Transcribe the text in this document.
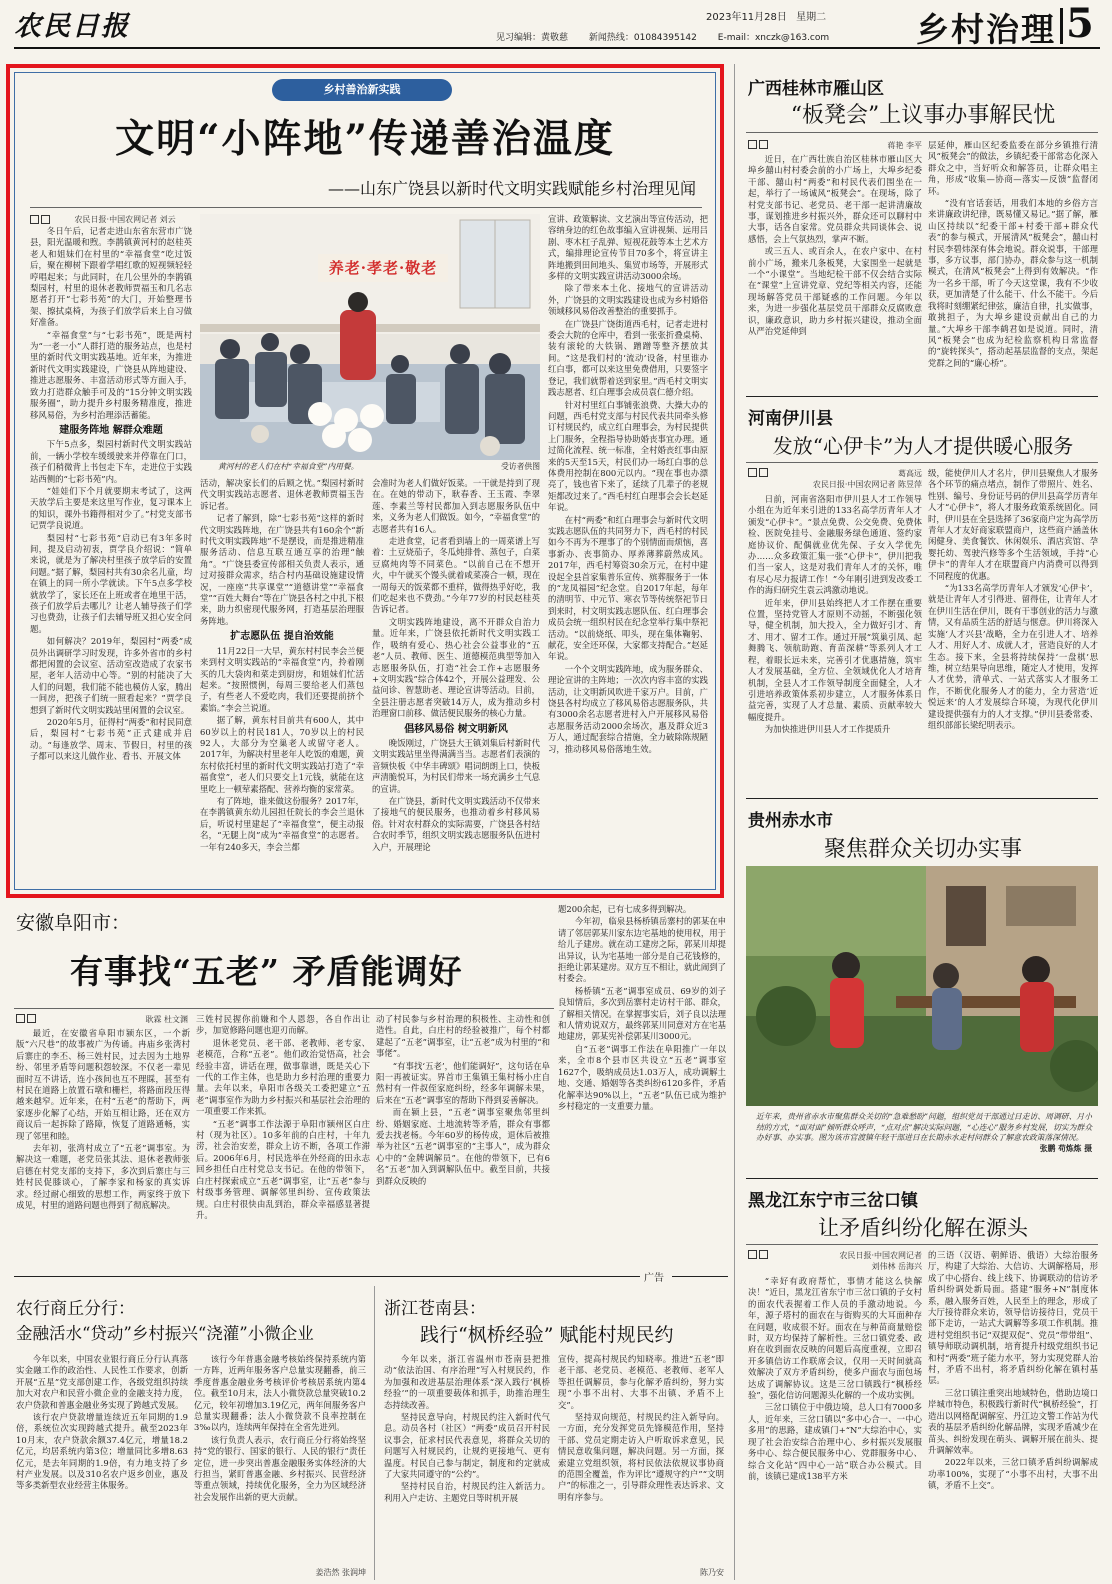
农民日报	2023年11月28日 星期二
见习编辑：黄敬慈 新闻热线：01084395142 E-mail：xnczk@163.com	乡村治理 5
乡村善治新实践
文明“小阵地”传递善治温度
——山东广饶县以新时代文明实践赋能乡村治理见闻
农民日报·中国农网记者 刘云
养老·孝老·敬老
黄河村的老人们在村“幸福食堂”内用餐。	受访者供图

冬日午后，记者走进山东省东营市广饶县，阳光温暖和煦。李鹊镇黄河村的赵桂英老人和姐妹们在村里的“幸福食堂”吃过饭后，聚在柳树下跟着学唱红歌的短视频轻轻哼唱起来；与此同时，在几公里外的李鹊镇梨园村，村里的退休老教师贾福玉和几名志愿者打开“七彩书苑”的大门，开始整理书架、擦拭桌椅，为孩子们放学后来上自习做好准备。

“幸福食堂”与“七彩书苑”，既是两村为“一老一小”人群打造的服务站点，也是村里的新时代文明实践基地。近年来，为推进新时代文明实践建设，广饶县从阵地建设、推进志愿服务、丰富活动形式等方面入手，致力打造群众触手可及的“15分钟文明实践服务圈”，助力提升乡村服务精准度，推进移风易俗，为乡村治理添活蓄能。

建服务阵地 解群众难题

下午5点多，梨园村新时代文明实践站前，一辆小学校车缓缓驶来并停靠在门口，孩子们稍微背上书包走下车，走进位于实践站西侧的“七彩书苑”内。

“娃娃们下个月就要期末考试了，这两天放学后主要是来这里写作业，复习课本上的知识，课外书籍得相对少了。”村党支部书记贾学良说道。

梨园村“七彩书苑”启动已有3年多时间，提及启动初衷，贾学良介绍说：“简单来说，就是为了解决村里孩子放学后的安置问题。”据了解，梨园村共有30余名儿童，均在镇上的同一所小学就读。下午5点多学校就放学了，家长还在上班或者在地里干活，孩子们放学后去哪儿？让老人辅导孩子们学习也费劲，让孩子们去辅导班又担心安全问题。

如何解决？2019年，梨园村“两委”成员外出调研学习时发现，许多外省市的乡村都把闲置的会议室、活动室改造成了农家书屋，老年人活动中心等。“别的村能决了大人们的问题，我们能不能也模仿人家，腾出一间房，把孩子们统一照看起来？”贾学良想到了新时代文明实践站里闲置的会议室。

2020年5月，征得村“两委”和村民同意后，梨园村“七彩书苑”正式建成并启动。“每逢放学、周末、节假日，村里的孩子都可以来这儿做作业、看书、开展文体

活动，解决家长们的后顾之忧。”梨园村新时代文明实践站志愿者、退休老教师贾福玉告诉记者。

记者了解到，除“七彩书苑”这样的新时代文明实践阵地，在广饶县共有160余个“新时代文明实践阵地”不是摆设，而是推进精准服务活动、信息互联互通互享的治理“触角”。“广饶县委宣传部相关负责人表示，通过对接群众需求，结合村内基础设施建设情况，一座座“共享课堂”“道德讲堂”“幸福食堂”“百姓大舞台”等在广饶县各村之中扎下根来，助力织密现代服务网，打造基层治理服务阵地。

扩志愿队伍 提自治效能

11月22日一大早，黄东村村民李会兰便来到村文明实践站的“幸福食堂”内，拎着刚买的几大袋肉和菜走到厨房，和姐妹们忙活起来。“按照惯例，每周三要给老人们蒸包子，有些老人不爱吃肉，我们还要提前挤个素馅。”李会兰说道。

据了解，黄东村目前共有600人，其中60岁以上的村民181人，70岁以上的村民92人，大部分为空巢老人或留守老人。2017年，为解决村里老年人吃饭的难题，黄东村依托村里的新时代文明实践站打造了“幸福食堂”，老人们只要交上1元钱，就能在这里吃上一顿荤素搭配、营养均衡的家常菜。

有了阵地，谁来做这份服务？2017年，在李鹊镇黄东幼儿园担任院长的李会兰退休后，听说村里建起了“幸福食堂”，便主动报名，“无腿上岗”成为“幸福食堂”的志愿者。一年有240多天，李会兰都

会准时为老人们做好饭菜。一干就是持到了现在。在她的带动下，耿春香、王玉霞、李翠莲、李素兰等村民都加入到志愿服务队伍中来，义务为老人们做饭。如今，“幸福食堂”的志愿者共有16人。

走进食堂，记者看到墙上的一周菜谱上写着：土豆烧茄子，冬瓜炖排骨、蒸包子，白菜豆腐炖肉等不同菜色。“以前自己在不想开火，中午就买个馒头就着咸菜凑合一顿，现在一周每天的饭菜都不重样，做得热乎好吃，我们吃起来也不费劲。”今年77岁的村民赵桂英告诉记者。

文明实践阵地建设，离不开群众自治力量。近年来，广饶县依托新时代文明实践工作，吸纳有爱心、热心社会公益事业的“五老”人员、教师、医生、道德模范典型等加入志愿服务队伍，打造“社会工作+志愿服务+文明实践”综合体42个，开展公益理发、公益问诊、智慧助老、理论宣讲等活动。目前，全县注册志愿者突破14万人，成为推动乡村治理窗口前移、做活便民服务的核心力量。

倡移风易俗 树文明新风

晚饭刚过，广饶县大王镇刘集后村新时代文明实践站里坐得满满当当。志愿者们表演的音频快板《中华丰碑颂》唱词朗朗上口，快板声清脆悦耳，为村民们带来一场充满乡土气息的宣讲。

在广饶县，新时代文明实践活动不仅带来了接地气的便民服务，也推动着乡村移风易俗。针对农村群众的实际需要，广饶县各村结合农时季节，组织文明实践志愿服务队伍进村入户，开展理论

宣讲、政策解读、文艺演出等宣传活动，把容纳身边的红色故事编入宣讲视频、远用吕剧、枣木杠子乱弹、短视花鼓等本土艺术方式，编排理论宣传节目70多个，将宣讲主阵地搬到田间地头、集贸市场等，开展形式多样的文明实践宣讲活动3000余场。

除了带来本土化、接地气的宣讲活动外，广饶县的文明实践建设也成为乡村婚俗领域移风易俗改善整治的重要抓手。

在广饶县广饶街道西毛村，记者走进村委会大院的仓库中，看到一张张折叠桌椅、装有滚轮的大铁锅、蹭蹭等整齐摆放其间。“这是我们村的‘流动’设备，村里谁办红白事，都可以来这里免费借用，只要签字登记，我们就帮着送到家里。”西毛村文明实践志愿者、红白理事会成员袁仁德介绍。

针对村里红白事铺张浪费、大操大办的问题，西毛村党支部与村民代表共同牵头修订村规民约，成立红白理事会，为村民提供上门服务，全程指导协助婚丧事宜办理。通过简化流程、统一标准，全村婚丧红事由原来的5天至15天，村民们办一场红白事的总体费用控制在800元以内。“现在事也办漂亮了，钱也省下来了，延续了几辈子的老规矩都改过来了。”西毛村红白理事会会长赵延年说。

在村“两委”和红白理事会与新时代文明实践志愿队伍的共同努力下，西毛村的村民如今不再为不理事了的个别情面而烦恼，喜事新办、丧事简办、厚养薄葬蔚然成风。2017年，西毛村筹资30余万元，在村中建设起全县首家集普乐宣传、殡葬服务于一体的“龙凤福园”纪念堂。自2017年起，每年的清明节、中元节、寒衣节等传统祭祀节日到来时，村文明实践志愿队伍、红白理事会成员会统一组织村民在纪念堂举行集中祭祀活动。“以前烧纸、叩头，现在集体鞠躬、献花，安全还环保，大家都支持配合。”赵延年说。

一个个文明实践阵地，成为服务群众、理论宣讲的主阵地；一次次内容丰富的实践活动，让文明新风吹进千家万户。目前，广饶县各村均成立了移风易俗志愿服务队，共有3000余名志愿者进村入户开展移风易俗志愿服务活动2000余场次，惠及群众近3万人，通过配套综合措施，全力破除陈规陋习，推动移风易俗落地生效。

广西桂林市雁山区
“板凳会”上议事办事解民忧
蒋艳 李平

近日，在广西壮族自治区桂林市雁山区大埠乡囍山村村委会前的小广场上，大埠乡纪委干部、囍山村“两委”和村民代表们围坐在一起，举行了一场诚风“板凳会”。在现场，除了村党支部书记、老党员、老干部一起讲清廉故事，谋划推进乡村振兴外，群众还可以聊村中大事，话各自家常。党员群众共同谈体会、说感悟，会上气氛热烈，掌声不断。

或三五人、或百余人，在农户家中、在村前小广场，搬来几条板凳，大家围坐一起就是一个“小课堂”。当地纪检干部不仅会结合实际在“课堂”上宣讲党章、党纪等相关内容，还能现场解答党员干部疑惑的工作问题。今年以来，为进一步强化基层党员干部群众反腐败意识，廉政意识，助力乡村振兴建设，推动全面从严治党延伸到

层延伸，雁山区纪委监委在部分乡镇推行清风“板凳会”的做法，乡镇纪委干部常态化深入群众之中，当好听众和解答员，让群众唱主角，形成“收集—协商—落实—反馈”监督闭环。

“没有官话套话，用我们本地的乡俗方言来讲廉政讲纪律，既易懂又易记。”据了解，雁山区持续以“纪委干部+村委干部+群众代表”的参与模式，开展清风“板凳会”，囍山村村民李碧炜深有体会地说。群众说事，干部理事，多方议事，部门协办，群众参与这一机制模式，在清风“板凳会”上得到有效解决。“作为一名乡干部，听了今天这堂课，我有不少收获，更加清楚了什么能干、什么不能干。今后我将时刻绷紧纪律弦，廉洁自律，扎实做事，敢挑担子，为大埠乡建设贡献出自己的力量。”大埠乡干部李鹤君如是说道。同时，清风“板凳会”也成为纪检监察机构日常监督的“旋转探头”，搭动起基层监督的支点，架起党群之间的“廉心桥”。

河南伊川县
发放“心伊卡”为人才提供暖心服务
葛高远
农民日报·中国农网记者 陈昱萍

日前，河南省洛阳市伊川县人才工作领导小组在为近年来引进的133名高学历青年人才颁发“心伊卡”。“景点免费、公交免费、免费体检、医院免挂号、金融服务绿色通道、签约家庭协议价、配偶就业优先保、子女入学优先办……众多政策汇集一张“心伊卡”，伊川把我们当一家人，这是对我们青年人才的关怀，唯有尽心尽力报请工作！”今年刚引进到发改委工作的海归研究生袁云鸿激动地说。

近年来，伊川县始终把人才工作摆在重要位置，坚持党管人才原则不动摇，不断强化领导，健全机制，加大投入，全力做好引才、育才、用才、留才工作。通过开展“筑巢引凤、起舞腾飞、领航助跑、育苗深耕”等系列人才工程，着眼长远未来，完善引才优惠措施，筑牢人才发展基础，全方位、全领域优化人才培育机制，全县人才工作领导制度全面健全，人才引进培养政策体系初步建立，人才服务体系日益完善，实现了人才总量、素质、贡献率较大幅度提升。

为加快推进伊川县人才工作提质升

级，能使伊川人才名片，伊川县聚焦人才服务各个环节的痛点堵点，制作了带照片、姓名、性别、编号、身份证号码的伊川县高学历青年人才“心伊卡”，将人才服务政策系统固化。同时，伊川县在全县选择了36家商户定为高学历青年人才友好商家联盟商户，这些商户涵盖休闲健身、美食餐饮、休闲娱乐、酒店宾馆、孕婴托幼、驾驶汽修等多个生活领域，手持“心伊卡”的青年人才在联盟商户内消费可以得到不同程度的优惠。

“为133名高学历青年人才颁发‘心伊卡’，就是让青年人才引得进、留得住，让青年人才在伊川生活在伊川，既有干事创业的活力与激情，又有品质生活的舒适与惬意。伊川将深入实施‘人才兴县’战略，全力在引进人才、培养人才、用好人才、成就人才，营造良好的人才生态。接下来，全县将持续保持‘一盘棋’思维，树立结果导向思维，随定人才使用，发挥人才优势，清单式、一站式落实人才服务工作，不断优化服务人才的能力，全力营造‘近悦远来’的人才发展综合环境，为现代化伊川建设提供强有力的人才支撑。”伊川县委常委、组织部部长梁纪明表示。

贵州赤水市
聚焦群众关切办实事
近年来，贵州省赤水市聚焦群众关切的“急难愁盼”问题，组织党员干部通过日走访、周调研、月小结的方式，“面对面”倾听群众呼声，“点对点”解决实际问题，“心连心”服务乡村发展，切实为群众办好事、办实事。图为该市官渡镇年轻干部进日在长期赤水走村问群众了解意农政策落深情况。
张鹏 苟炼炼 摄
黑龙江东宁市三岔口镇
让矛盾纠纷化解在源头
农民日报·中国农网记者
刘伟林 岳海兴

“幸好有政府帮忙，事情才能这么快解决！”近日，黑龙江省东宁市三岔口镇的子女村的面农代表握着工作人员的手激动地说。今年，源子塔村的面农在与街购买的大耳面种存在问题，收成很不好。面农在与种苗商量赔偿时，双方均保持了解析性。三岔口镇党委、政府在收到面农反映的问题后高度重视，立即召开多镇信访工作联席会议，仅用一天时间就高效解决了双方矛盾纠纷，使多户面农与面包场达成了调解协议。这是三岔口镇践行“枫桥经验”，强化信访问题源头化解的一个成功实例。

三岔口镇位于中俄边境，总人口有7000多人，近年来，三岔口镇以“多中心合一、一中心多用”的思路，建成镇门+“N”大综治中心，实现了社会治安综合治理中心、乡村振兴发展服务中心、综合便民服务中心、党群服务中心、综合文化站“四中心一站”联合办公模式。目前，该镇已建成138平方米

的三语（汉语、朝鲜语、俄语）大综治服务厅，构建了大综治、大信访、大调解格局，形成了中心搭台、线上线下、协调联动的信访矛盾纠纷调处新局面。搭建“服务+N”制度体系，融入服务百姓，人民至上的理念，形成了大厅接待群众来访，领导信访接待日，党员干部下走访，一站式大调解等多项工作机制。推进村党组织书记“双提双促”、党员“带带组”、镇导师联动调机制，培育提升村级党组织书记和村“两委”班子能力水平，努力实现党群人治村，矛盾不出村，将矛盾纠纷化解在镇村基层。

三岔口镇注重突出地域特色，借助边境口岸城市特色，积极践行新时代“枫桥经验”，打造出以网格配调解室、丹江边文警工作站为代表的基层矛盾纠纷化解品牌，实现矛盾减少在苗头、纠纷发现在萌头、调解开展在前头、提升调解效率。

2022年以来，三岔口镇矛盾纠纷调解成功率100%，实现了“小事不出村，大事不出镇，矛盾不上交”。

安徽阜阳市：
有事找“五老” 矛盾能调好
耿霖 杜文渊

最近，在安徽省阜阳市颍东区，一个新版“六尺巷”的故事被广为传诵。冉庙乡张湾村后寨庄的李丕、杨三姓村民，过去因为土地界纷、邻里矛盾等问题积怨较深。不仅老一辈见面时互不讲话，连小孩间也互不理睬，甚至有村民在道路上放置石墩和栅栏，将路面段压得越来越窄。近年来，在村“五老”的帮助下，两家逐步化解了心结，开始互相让路，还在双方商议后一起拆除了路障，恢复了道路通畅，实现了邻里和睦。

去年初，张湾村成立了“五老”调事室。为解决这一难题，老党员张其法、退休老教师张启德在村党支部的支持下，多次到后寨庄与三姓村民促膝谈心，了解李家和杨家的真实诉求。经过耐心细致的思想工作，两家终于放下成见，村里的道路问题也得到了彻底解决。

三姓村民握你前嫌和个人恩怨，各自作出让步，加宽修路问题也迎刃而解。

退休老党员、老干部、老教师、老专家、老模范，合称“五老”。他们政治觉悟高，社会经验丰富，讲话在理，做事靠谱，既是关心下一代的工作主体，也是助力乡村治理的重要力量。去年以来，阜阳市各级关工委把建立“五老”调事室作为助力乡村振兴和基层社会治理的一项重要工作来抓。

“五老”调事工作法源于阜阳市颍州区白庄村（现为社区）。10多年前的白庄村，十年九涝，社会治安差，群众上访不断，各项工作滞后。2006年6月，村民选举在外经商的田永志回乡担任白庄村党总支书记。在他的带领下，白庄村探索成立“五老”调事室，让“五老”参与村级事务管理、调解邻里纠纷、宣传政策法规。白庄村很快由乱到治，群众幸福感显著提升。

动了村民参与乡村治理的积极性、主动性和创造性。自此，白庄村的经验被推广，每个村都建起了“五老”调事室，让“五老”成为村里的“和事佬”。

“有事找‘五老’，他们能调好”，这句话在阜阳一再被证实。界首市王集镇王集村杨小庄自然村有一件叔侄家庭纠纷，经多年调解未果，后来在“五老”调事室的帮助下得到妥善解决。

而在颍上县，“五老”调事室聚焦邻里纠纷、婚姻家庭、土地流转等矛盾，群众有事都爱去找老杨。今年60岁的杨传成，退休后被推举为社区“五老”调事室的“主事人”，成为群众心中的“金牌调解员”。在他的带领下，已有6名“五老”加入到调解队伍中。截至目前，共接到群众反映的

题200余起，已有七成多得到解决。

今年初，临泉县杨桥镇岳寨村的郭某在申请了邻居郭某川家东边宅基地的使用权，用于给儿子建房。就在动工建房之际，郭某川却提出异议，认为宅基地一部分是自己花钱修的，拒绝让郭某建房。双方互不相让，就此闹到了村委会。

杨桥镇“五老”调事室成员、69岁的刘子良知情后，多次到岳寨村走访村干部、群众，了解相关情况。在掌握事实后，刘子良以法理和人情劝说双方，最终郭某川同意对方在宅基地建房，郭某宪补偿郭某川3000元。

自“五老”调事工作法在阜阳推广一年以来，全市8个县市区共设立“五老”调事室1627个，吸纳成员达1.03万人，成功调解土地、交通、婚姻等各类纠纷6120多件，矛盾化解率达90%以上，“五老”队伍已成为维护乡村稳定的一支重要力量。

广告
农行商丘分行：
金融活水“贷动”乡村振兴“浇灌”小微企业

今年以来，中国农业银行商丘分行认真落实金融工作的政治性、人民性工作要求，创新开展“五星”党支部创建工作，各级党组织持续加大对农户和民营小微企业的金融支持力度，农户贷款和普惠金融业务实现了跨越式发展。

该行农户贷款增量连续近五年同期的1.9倍，系统位次实现跨越式提升。截至2023年10月末，农户贷款余额37.4亿元，增量18.2亿元，均居系统内第3位；增量同比多增8.63亿元，是去年同期的1.9倍，有力地支持了乡村产业发展。以及310名农户返乡创业，惠及等多类新型农业经营主体服务。

该行今年普惠金融考核始终保持系统内第一方阵，近两年服务客户总量实现翻番，前三季度普惠金融业务考核评价考核居系统内第4位。截至10月末，法人小微贷款总量突破10.2亿元，较年初增加3.19亿元，两年间服务客户总量实现翻番；法人小微贷款不良率控制在3‰以内，连续两年保持在全省先进列。

该行负责人表示，农行商丘分行将始终坚持“党的银行、国家的银行、人民的银行”责任定位，进一步突出普惠金融服务实体经济的大行担当，紧盯普惠金融、乡村振兴、民营经济等重点领域，持续优化服务，全力为区域经济社会发展作出新的更大贡献。

姜浩然 张润坤
浙江苍南县：
践行“枫桥经验” 赋能村规民约

今年以来，浙江省温州市苍南县把推动“依法治国、有序治理”写入村规民约，作为加强和改进基层治理体系“深入践行‘枫桥经验’”的一项重要载体和抓手，助推治理生态持续改善。

坚持民意导向，村规民约注入新时代气息。动员各村（社区）“两委”成员召开村民议事会，征求村民代表意见，将群众关切的问题写入村规民约，让规约更接地气、更有温度。村民自己参与制定，制度和约定就成了大家共同遵守的“公约”。

坚持村民自治，村规民约注入新活力。利用入户走访、主题党日等时机开展

宣传，提高村规民约知晓率。推进“五老”即老干部、老党员、老模范、老教师、老军人等担任调解员，参与化解矛盾纠纷，努力实现“小事不出村、大事不出镇、矛盾不上交”。

坚持双向规范，村规民约注入新导向。一方面，充分发挥党员先锋模范作用，坚持干部、党员定期走访入户听取诉求意见，民情民意收集问题，解决问题。另一方面，探索建立党组织领，将村民依法依规议事协商的范围全覆盖，作为评比“遵规守约户”“文明户”的标准之一，引导群众理性表达诉求、文明有序参与。

陈乃安
